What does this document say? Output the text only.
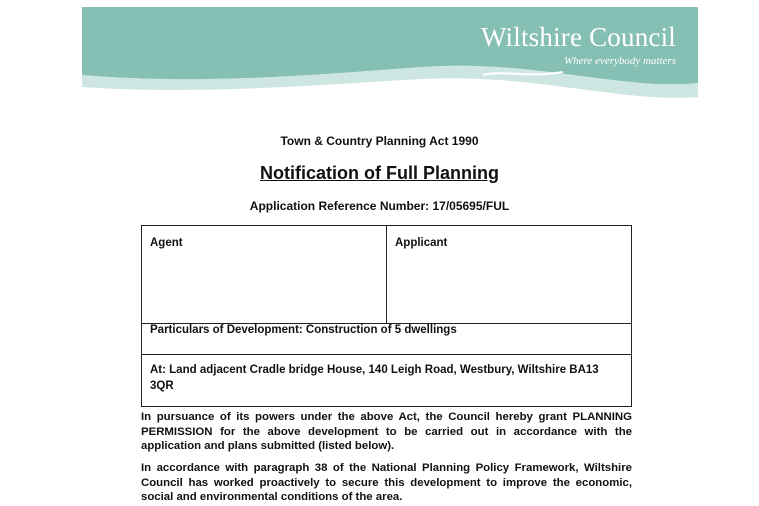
Wiltshire Council
Where everybody matters
Town & Country Planning Act 1990
Notification of Full Planning
Application Reference Number: 17/05695/FUL
Agent	Applicant
Particulars of Development: Construction of 5 dwellings
At: Land adjacent Cradle bridge House, 140 Leigh Road, Westbury, Wiltshire BA13 3QR
In pursuance of its powers under the above Act, the Council hereby grant PLANNING PERMISSION for the above development to be carried out in accordance with the application and plans submitted (listed below).
In accordance with paragraph 38 of the National Planning Policy Framework, Wiltshire Council has worked proactively to secure this development to improve the economic, social and environmental conditions of the area.
